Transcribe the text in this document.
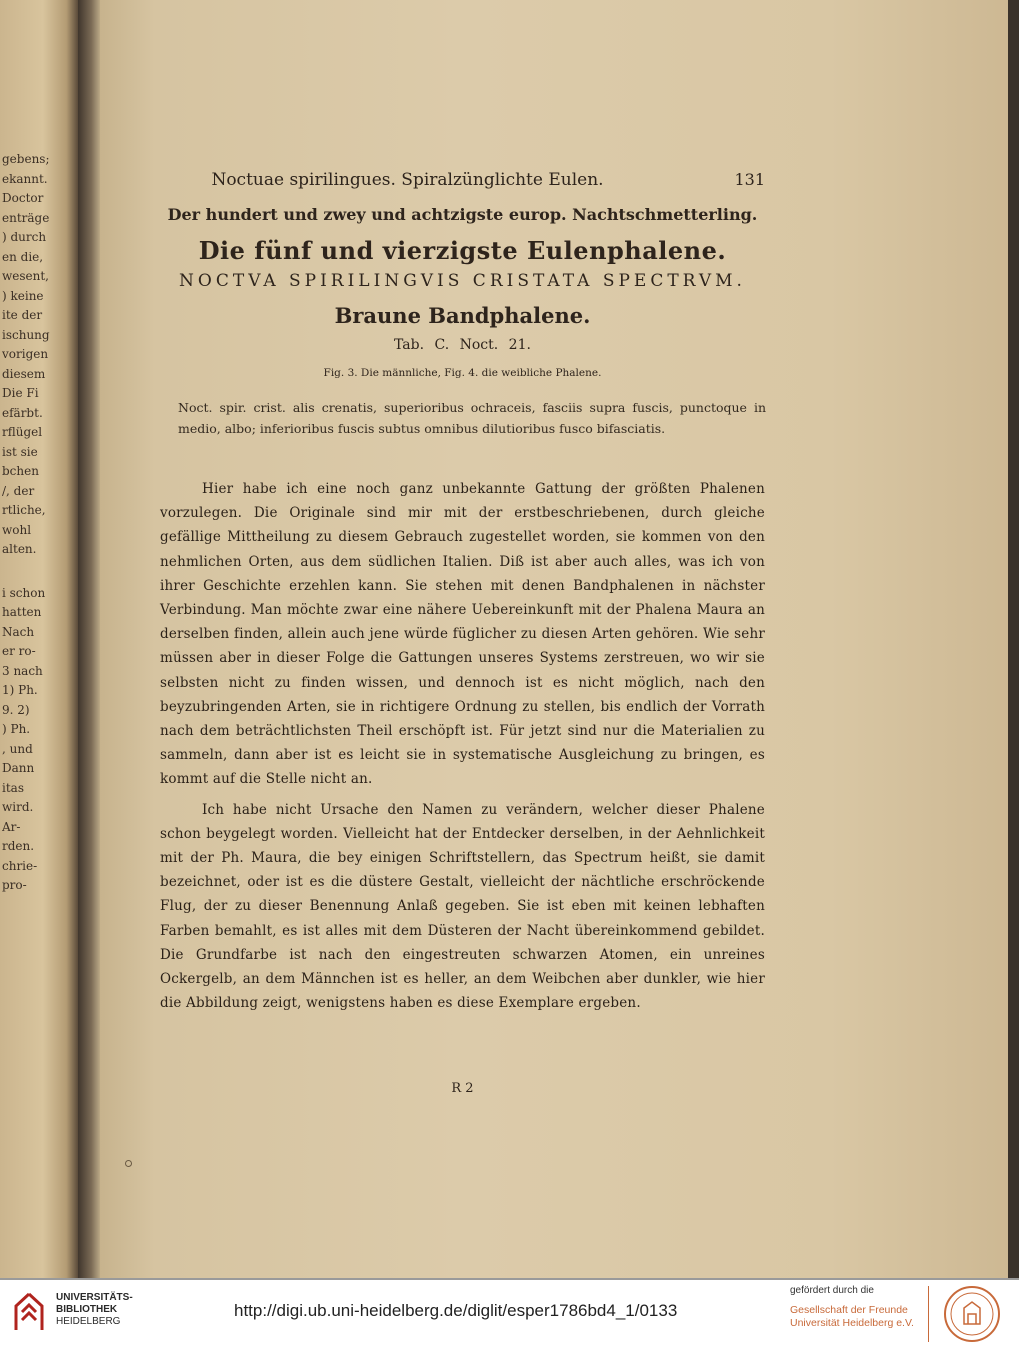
gebens;
ekannt.
Doctor
enträge
) durch
en die,
wesent,
) keine
ite der
ischung
vorigen
diesem
Die Fi
efärbt.
rflügel
ist sie
bchen
/, der
rtliche,
wohl
alten.
i schon
hatten
Nach
er ro-
3 nach
1) Ph.
9. 2)
) Ph.
, und
Dann
itas
wird.
Ar-
rden.
chrie-
pro-
Noctuae spirilingues. Spiralzünglichte Eulen.	131
Der hundert und zwey und achtzigste europ. Nachtschmetterling.
Die fünf und vierzigste Eulenphalene.
NOCTVA SPIRILINGVIS CRISTATA SPECTRVM.
Braune Bandphalene.
Tab. C. Noct. 21.
Fig. 3. Die männliche, Fig. 4. die weibliche Phalene.
Noct. spir. crist. alis crenatis, superioribus ochraceis, fasciis supra fuscis, punctoque in medio, albo; inferioribus fuscis subtus omnibus dilutioribus fusco bifasciatis.

Hier habe ich eine noch ganz unbekannte Gattung der größten Phalenen vorzulegen. Die Originale sind mir mit der erstbeschriebenen, durch gleiche gefällige Mittheilung zu diesem Gebrauch zugestellet worden, sie kommen von den nehmlichen Orten, aus dem südlichen Italien. Diß ist aber auch alles, was ich von ihrer Geschichte erzehlen kann. Sie stehen mit denen Bandphalenen in nächster Verbindung. Man möchte zwar eine nähere Uebereinkunft mit der Phalena Maura an derselben finden, allein auch jene würde füglicher zu diesen Arten gehören. Wie sehr müssen aber in dieser Folge die Gattungen unseres Systems zerstreuen, wo wir sie selbsten nicht zu finden wissen, und dennoch ist es nicht möglich, nach den beyzubringenden Arten, sie in richtigere Ordnung zu stellen, bis endlich der Vorrath nach dem beträchtlichsten Theil erschöpft ist. Für jetzt sind nur die Materialien zu sammeln, dann aber ist es leicht sie in systematische Ausgleichung zu bringen, es kommt auf die Stelle nicht an.

Ich habe nicht Ursache den Namen zu verändern, welcher dieser Phalene schon beygelegt worden. Vielleicht hat der Entdecker derselben, in der Aehnlichkeit mit der Ph. Maura, die bey einigen Schriftstellern, das Spectrum heißt, sie damit bezeichnet, oder ist es die düstere Gestalt, vielleicht der nächtliche erschröckende Flug, der zu dieser Benennung Anlaß gegeben. Sie ist eben mit keinen lebhaften Farben bemahlt, es ist alles mit dem Düsteren der Nacht übereinkommend gebildet. Die Grundfarbe ist nach den eingestreuten schwarzen Atomen, ein unreines Ockergelb, an dem Männchen ist es heller, an dem Weibchen aber dunkler, wie hier die Abbildung zeigt, wenigstens haben es diese Exemplare ergeben.

R 2
UNIVERSITÄTS-
BIBLIOTHEK
HEIDELBERG
http://digi.ub.uni-heidelberg.de/diglit/esper1786bd4_1/0133
gefördert durch die
Gesellschaft der Freunde
Universität Heidelberg e.V.
